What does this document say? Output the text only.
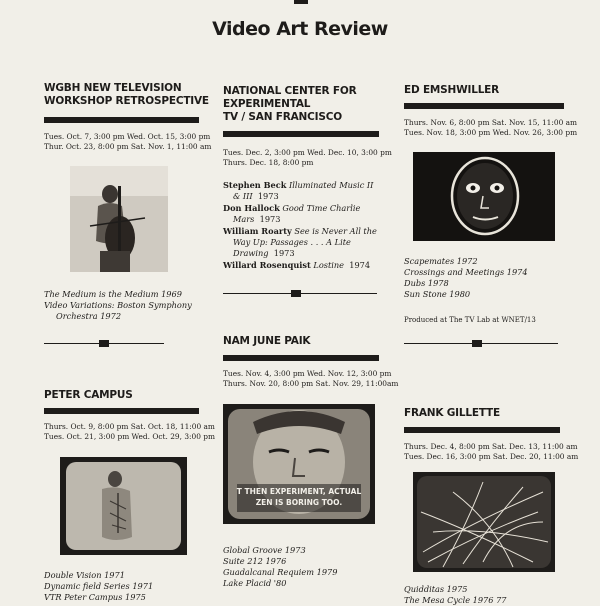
Video Art Review
WGBH NEW TELEVISION
WORKSHOP RETROSPECTIVE
Tues. Oct. 7, 3:00 pm Wed. Oct. 15, 3:00 pm
Thur. Oct. 23, 8:00 pm Sat. Nov. 1, 11:00 am
The Medium is the Medium 1969
Video Variations: Boston Symphony
Orchestra 1972
NATIONAL CENTER FOR
EXPERIMENTAL
TV / SAN FRANCISCO
Tues. Dec. 2, 3:00 pm Wed. Dec. 10, 3:00 pm
Thurs. Dec. 18, 8:00 pm
Stephen Beck Illuminated Music II
& III 1973
Don Hallock Good Time Charlie
Mars 1973
William Roarty See is Never All the
Way Up: Passages . . . A Lite
Drawing 1973
Willard Rosenquist Lostine 1974
ED EMSHWILLER
Thurs. Nov. 6, 8:00 pm Sat. Nov. 15, 11:00 am
Tues. Nov. 18, 3:00 pm Wed. Nov. 26, 3:00 pm
Scapemates 1972
Crossings and Meetings 1974
Dubs 1978
Sun Stone 1980
Produced at The TV Lab at WNET/13
PETER CAMPUS
Thurs. Oct. 9, 8:00 pm Sat. Oct. 18, 11:00 am
Tues. Oct. 21, 3:00 pm Wed. Oct. 29, 3:00 pm
Double Vision 1971
Dynamic field Series 1971
VTR Peter Campus 1975
NAM JUNE PAIK
Tues. Nov. 4, 3:00 pm Wed. Nov. 12, 3:00 pm
Thurs. Nov. 20, 8:00 pm Sat. Nov. 29, 11:00am
T THEN EXPERIMENT, ACTUAL
ZEN IS BORING TOO.
Global Groove 1973
Suite 212 1976
Guadalcanal Requiem 1979
Lake Placid '80
FRANK GILLETTE
Thurs. Dec. 4, 8:00 pm Sat. Dec. 13, 11:00 am
Tues. Dec. 16, 3:00 pm Sat. Dec. 20, 11:00 am
Quidditas 1975
The Mesa Cycle 1976 77
